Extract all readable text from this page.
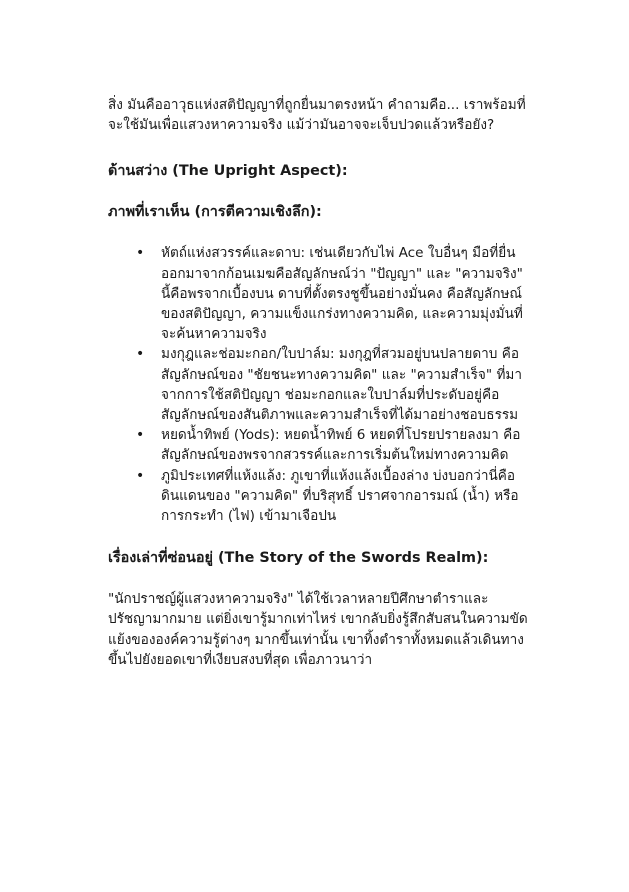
สิ่ง มันคืออาวุธแห่งสติปัญญาที่ถูกยื่นมาตรงหน้า คำถามคือ... เราพร้อมที่จะใช้มันเพื่อแสวงหาความจริง แม้ว่ามันอาจจะเจ็บปวดแล้วหรือยัง?

ด้านสว่าง (The Upright Aspect):
ภาพที่เราเห็น (การตีความเชิงลึก):
• หัตถ์แห่งสวรรค์และดาบ: เช่นเดียวกับไพ่ Ace ใบอื่นๆ มือที่ยื่นออกมาจากก้อนเมฆคือสัญลักษณ์ว่า "ปัญญา" และ "ความจริง" นี้คือพรจากเบื้องบน ดาบที่ตั้งตรงชูขึ้นอย่างมั่นคง คือสัญลักษณ์ของสติปัญญา, ความแข็งแกร่งทางความคิด, และความมุ่งมั่นที่จะค้นหาความจริง
• มงกุฎและช่อมะกอก/ใบปาล์ม: มงกุฎที่สวมอยู่บนปลายดาบ คือสัญลักษณ์ของ "ชัยชนะทางความคิด" และ "ความสำเร็จ" ที่มาจากการใช้สติปัญญา ช่อมะกอกและใบปาล์มที่ประดับอยู่คือสัญลักษณ์ของสันติภาพและความสำเร็จที่ได้มาอย่างชอบธรรม
• หยดน้ำทิพย์ (Yods): หยดน้ำทิพย์ 6 หยดที่โปรยปรายลงมา คือสัญลักษณ์ของพรจากสวรรค์และการเริ่มต้นใหม่ทางความคิด
• ภูมิประเทศที่แห้งแล้ง: ภูเขาที่แห้งแล้งเบื้องล่าง บ่งบอกว่านี่คือดินแดนของ "ความคิด" ที่บริสุทธิ์ ปราศจากอารมณ์ (น้ำ) หรือการกระทำ (ไฟ) เข้ามาเจือปน
เรื่องเล่าที่ซ่อนอยู่ (The Story of the Swords Realm):

"นักปราชญ์ผู้แสวงหาความจริง" ได้ใช้เวลาหลายปีศึกษาตำราและปรัชญามากมาย แต่ยิ่งเขารู้มากเท่าไหร่ เขากลับยิ่งรู้สึกสับสนในความขัดแย้งขององค์ความรู้ต่างๆ มากขึ้นเท่านั้น เขาทิ้งตำราทั้งหมดแล้วเดินทางขึ้นไปยังยอดเขาที่เงียบสงบที่สุด เพื่อภาวนาว่า
